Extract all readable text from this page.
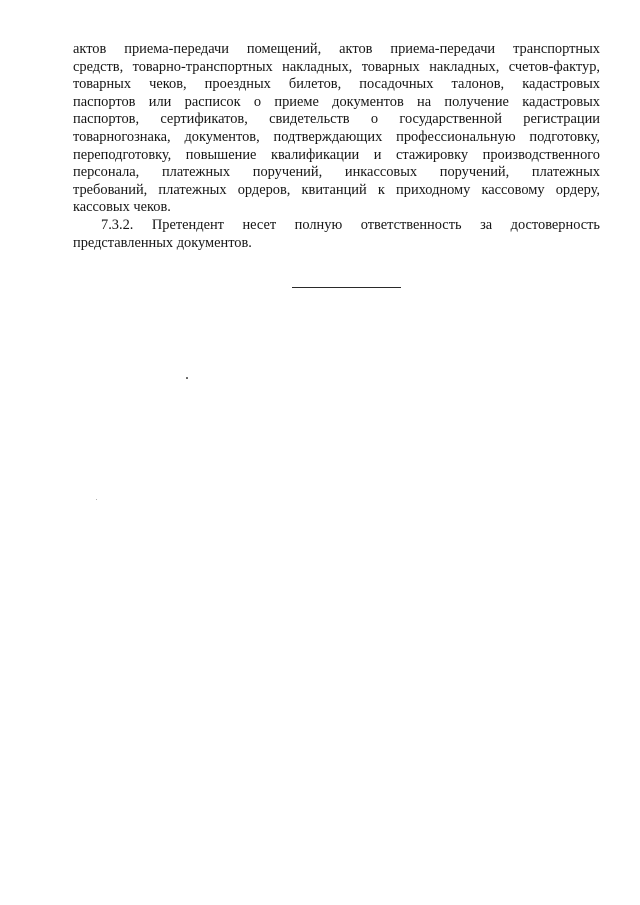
актов приема-передачи помещений, актов приема-передачи транспортных
средств, товарно-транспортных накладных, товарных накладных, счетов-фактур,
товарных чеков, проездных билетов, посадочных талонов, кадастровых
паспортов или расписок о приеме документов на получение кадастровых
паспортов, сертификатов, свидетельств о государственной регистрации
товарногознака, документов, подтверждающих профессиональную подготовку,
переподготовку, повышение квалификации и стажировку производственного
персонала, платежных поручений, инкассовых поручений, платежных
требований, платежных ордеров, квитанций к приходному кассовому ордеру,
кассовых чеков.
7.3.2. Претендент несет полную ответственность за достоверность
представленных документов.
